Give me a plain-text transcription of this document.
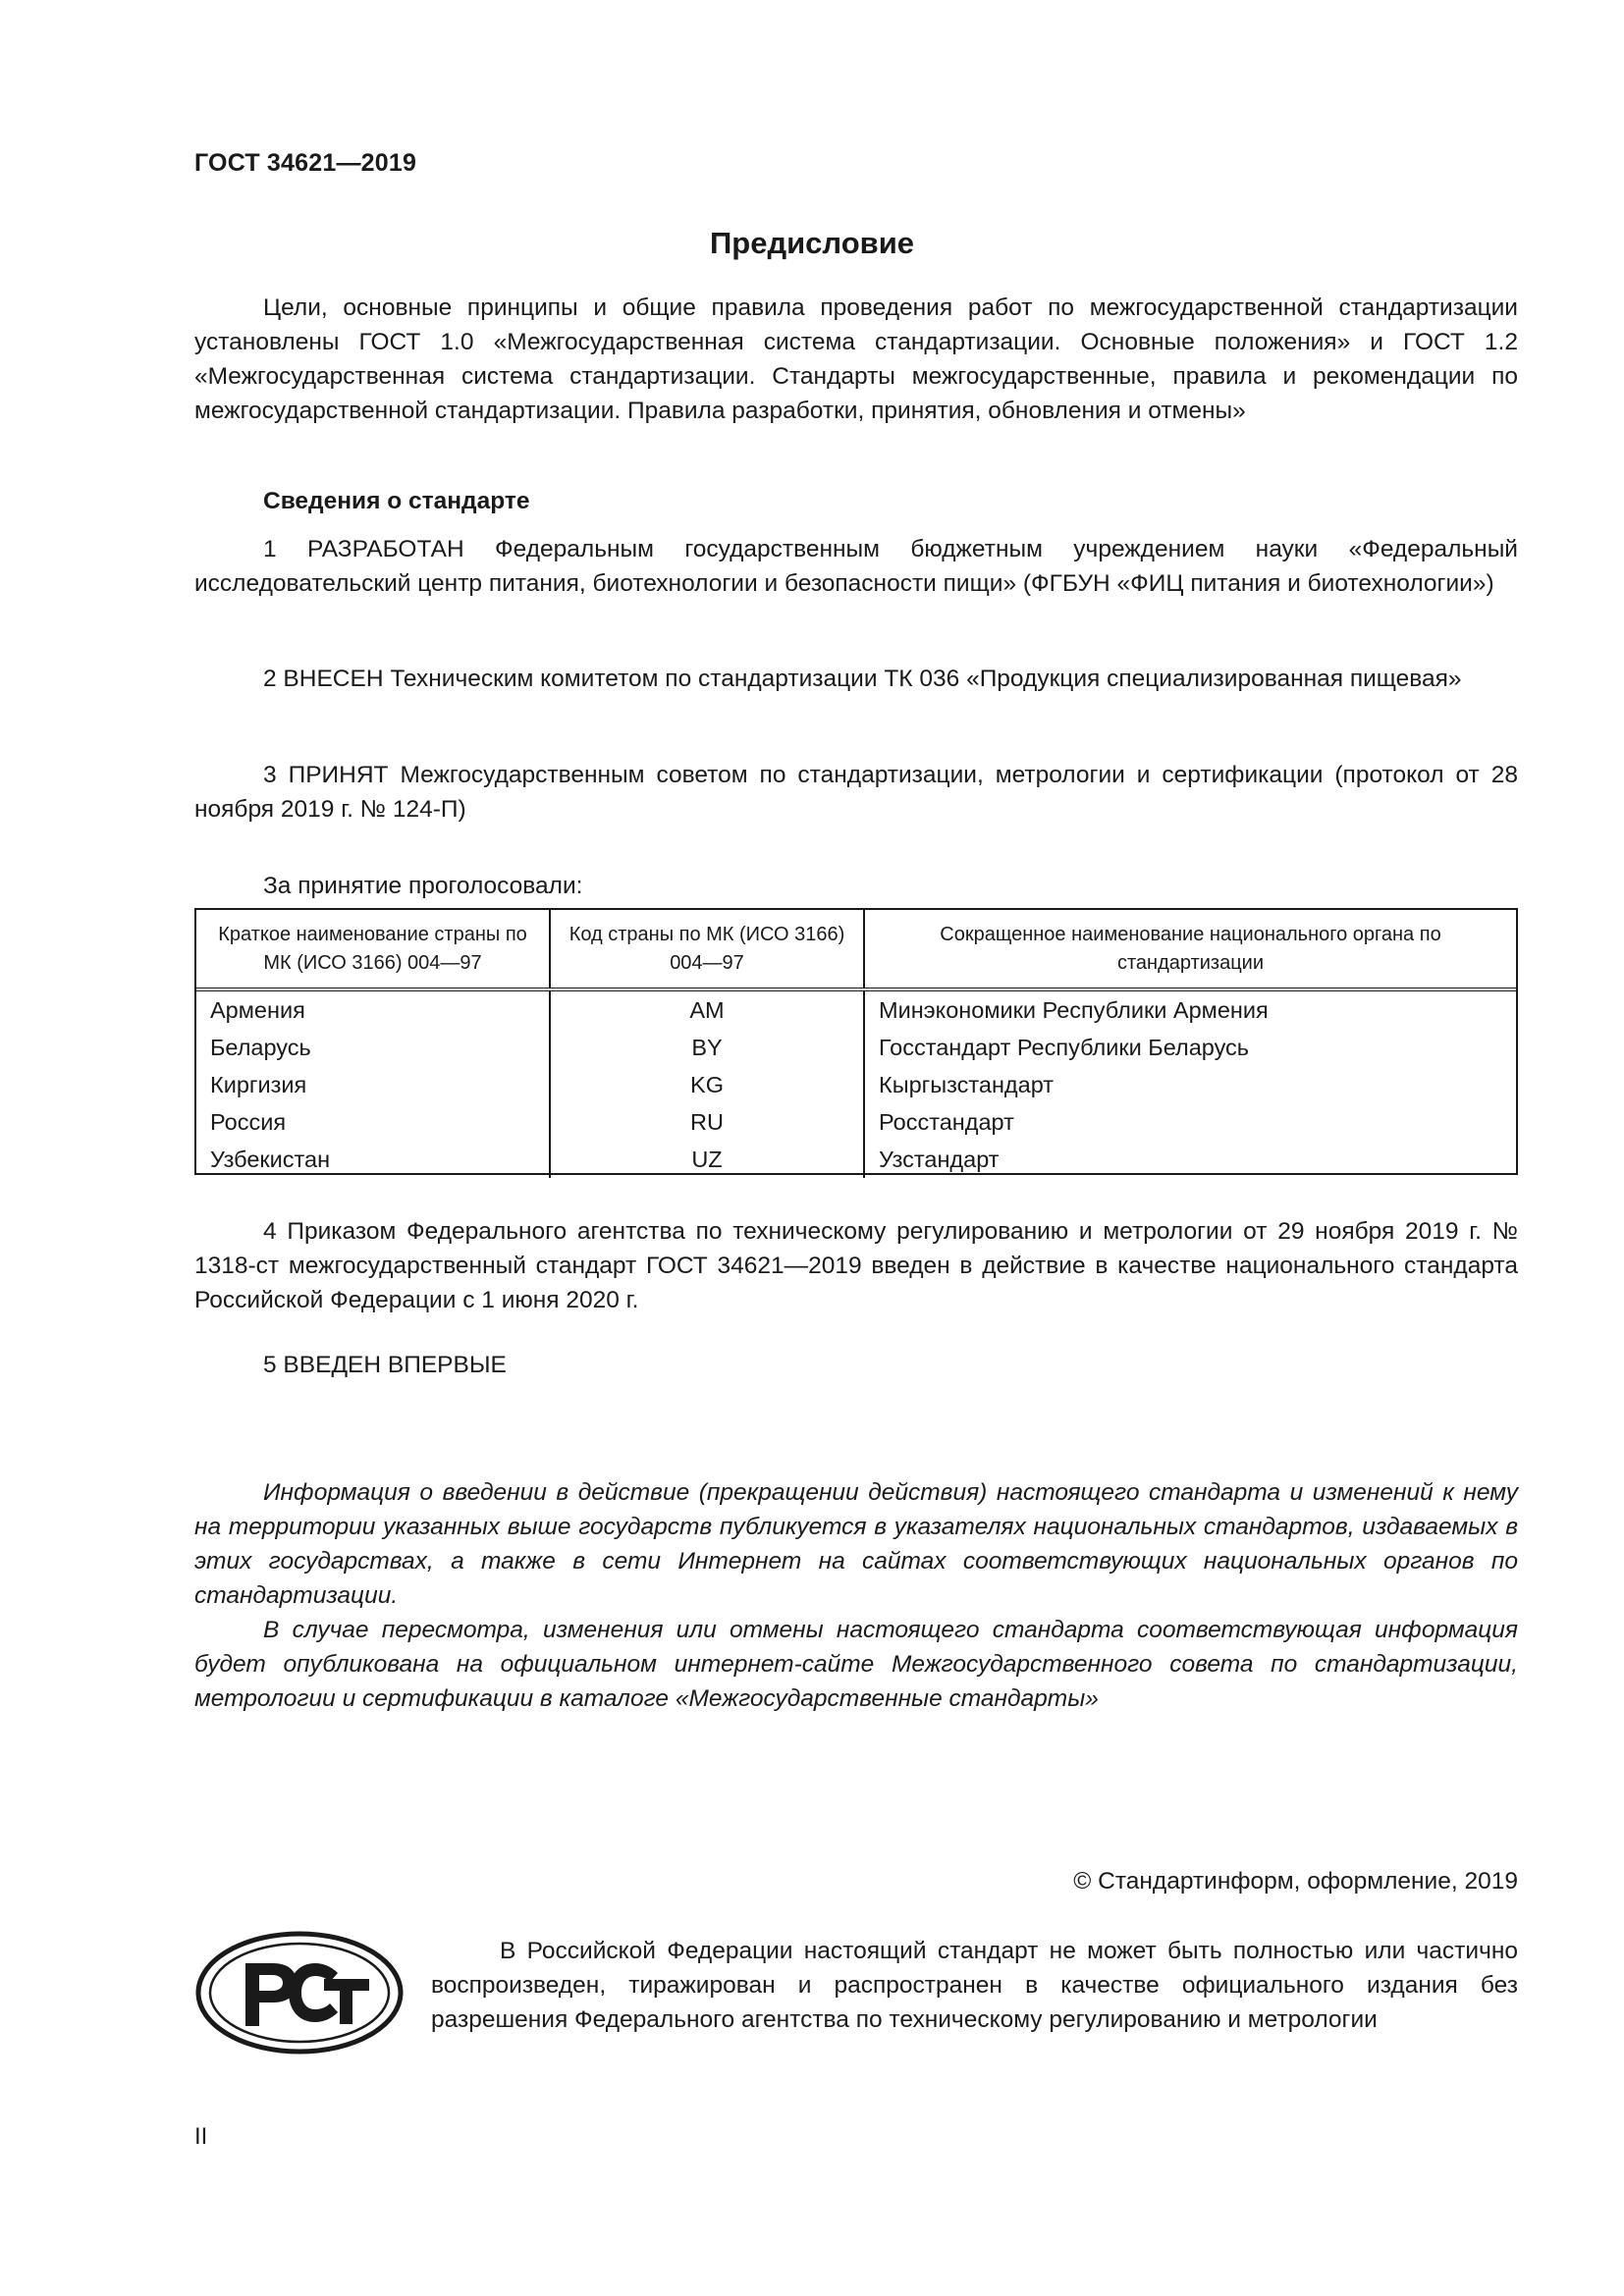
ГОСТ 34621—2019
Предисловие

Цели, основные принципы и общие правила проведения работ по межгосударственной стандартизации установлены ГОСТ 1.0 «Межгосударственная система стандартизации. Основные положения» и ГОСТ 1.2 «Межгосударственная система стандартизации. Стандарты межгосударственные, правила и рекомендации по межгосударственной стандартизации. Правила разработки, принятия, обновления и отмены»

Сведения о стандарте
1 РАЗРАБОТАН Федеральным государственным бюджетным учреждением науки «Федеральный исследовательский центр питания, биотехнологии и безопасности пищи» (ФГБУН «ФИЦ питания и биотехнологии»)
2 ВНЕСЕН Техническим комитетом по стандартизации ТК 036 «Продукция специализированная пищевая»
3 ПРИНЯТ Межгосударственным советом по стандартизации, метрологии и сертификации (протокол от 28 ноября 2019 г. № 124-П)
За принятие проголосовали:
Краткое наименование страны по МК (ИСО 3166) 004—97	Код страны по МК (ИСО 3166) 004—97	Сокращенное наименование национального органа по стандартизации
Армения	AM	Минэкономики Республики Армения
Беларусь	BY	Госстандарт Республики Беларусь
Киргизия	KG	Кыргызстандарт
Россия	RU	Росстандарт
Узбекистан	UZ	Узстандарт
4 Приказом Федерального агентства по техническому регулированию и метрологии от 29 ноября 2019 г. № 1318-ст межгосударственный стандарт ГОСТ 34621—2019 введен в действие в качестве национального стандарта Российской Федерации с 1 июня 2020 г.
5 ВВЕДЕН ВПЕРВЫЕ
Информация о введении в действие (прекращении действия) настоящего стандарта и изменений к нему на территории указанных выше государств публикуется в указателях национальных стандартов, издаваемых в этих государствах, а также в сети Интернет на сайтах соответствующих национальных органов по стандартизации.
В случае пересмотра, изменения или отмены настоящего стандарта соответствующая информация будет опубликована на официальном интернет-сайте Межгосударственного совета по стандартизации, метрологии и сертификации в каталоге «Межгосударственные стандарты»
© Стандартинформ, оформление, 2019
РСТ
В Российской Федерации настоящий стандарт не может быть полностью или частично воспроизведен, тиражирован и распространен в качестве официального издания без разрешения Федерального агентства по техническому регулированию и метрологии
II
